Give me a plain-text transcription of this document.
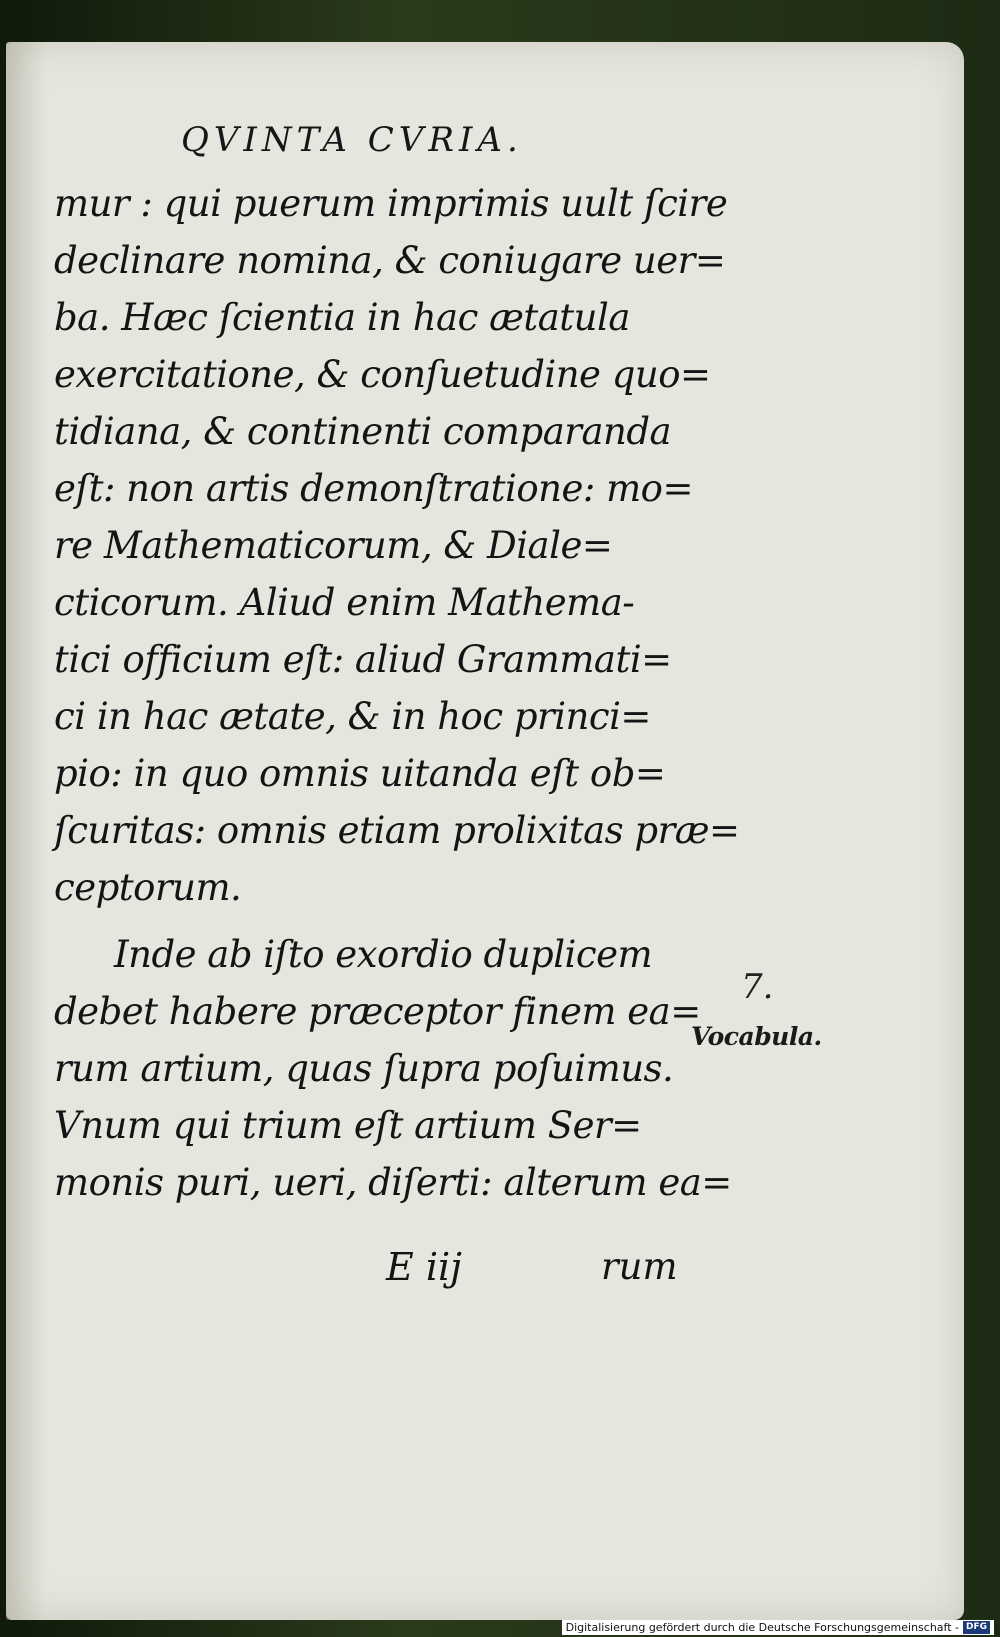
QVINTA CVRIA.
mur : qui puerum imprimis uult ſcire
declinare nomina, & coniugare uer=
ba. Hæc ſcientia in hac ætatula
exercitatione, & conſuetudine quo=
tidiana, & continenti comparanda
eſt: non artis demonſtratione: mo=
re Mathematicorum, & Diale=
cticorum. Aliud enim Mathema-
tici officium eſt: aliud Grammati=
ci in hac ætate, & in hoc princi=
pio: in quo omnis uitanda eſt ob=
ſcuritas: omnis etiam prolixitas præ=
ceptorum.
Inde ab iſto exordio duplicem
debet habere præceptor finem ea=
rum artium, quas ſupra poſuimus.
Vnum qui trium eſt artium Ser=
monis puri, ueri, diſerti: alterum ea=
7.
Vocabula.
E iij	rum
Digitalisierung gefördert durch die Deutsche Forschungsgemeinschaft - DFG
